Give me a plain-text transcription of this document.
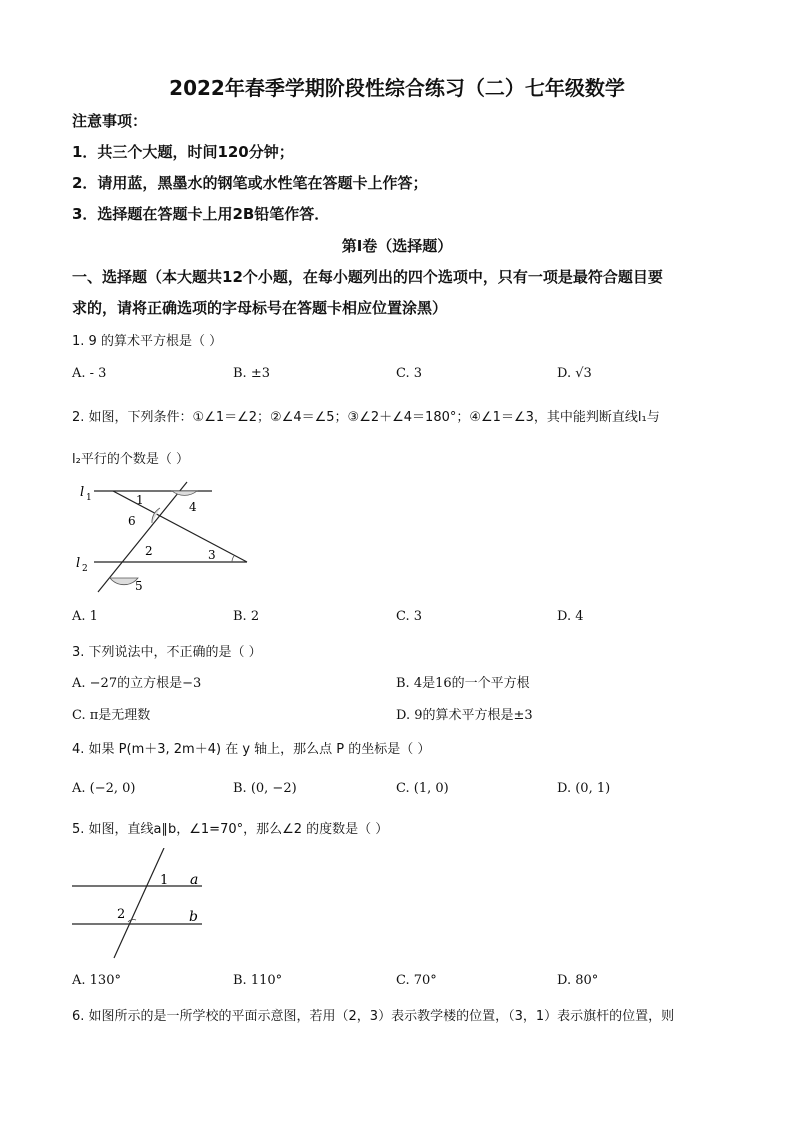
2022年春季学期阶段性综合练习（二）七年级数学
注意事项：
1．共三个大题，时间120分钟；
2．请用蓝，黑墨水的钢笔或水性笔在答题卡上作答；
3．选择题在答题卡上用2B铅笔作答．
第Ⅰ卷（选择题）
一、选择题（本大题共12个小题，在每小题列出的四个选项中，只有一项是最符合题目要
求的，请将正确选项的字母标号在答题卡相应位置涂黑）
1. 9 的算术平方根是（ ）
A. - 3	B. ±3	C. 3	D. √3
2. 如图，下列条件：①∠1＝∠2；②∠4＝∠5；③∠2＋∠4＝180°；④∠1＝∠3，其中能判断直线l₁与
l₂平行的个数是（ ）
l 1
l 2
1
2	3
4
5
6
A. 1	B. 2	C. 3	D. 4
3. 下列说法中，不正确的是（ ）
A. −27的立方根是−3	B. 4是16的一个平方根
C. π是无理数	D. 9的算术平方根是±3
4. 如果 P(m＋3, 2m＋4) 在 y 轴上，那么点 P 的坐标是（ ）
A. (−2, 0)	B. (0, −2)	C. (1, 0)	D. (0, 1)
5. 如图，直线a∥b，∠1=70°，那么∠2 的度数是（ ）
1
2
a
b
A. 130°	B. 110°	C. 70°	D. 80°
6. 如图所示的是一所学校的平面示意图，若用（2，3）表示教学楼的位置，（3，1）表示旗杆的位置，则
